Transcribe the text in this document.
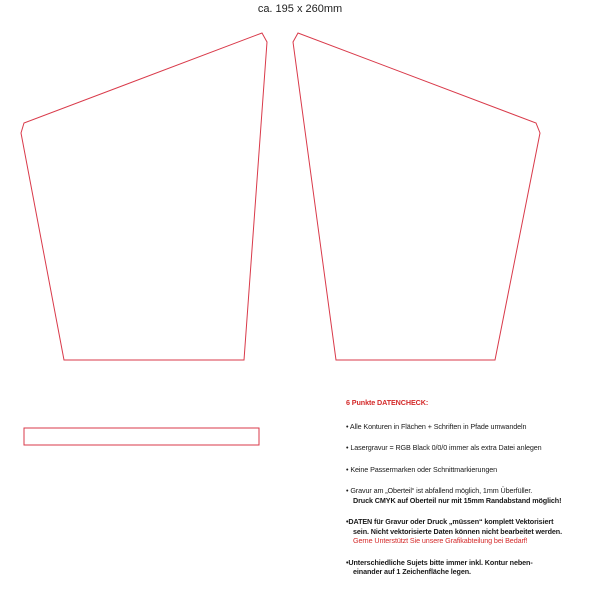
ca. 195 x 260mm
6 Punkte DATENCHECK:
• Alle Konturen in Flächen + Schriften in Pfade umwandeln
• Lasergravur = RGB Black 0/0/0 immer als extra Datei anlegen
• Keine Passermarken oder Schnittmarkierungen
• Gravur am „Oberteil“ ist abfallend möglich, 1mm Überfüller.
Druck CMYK auf Oberteil nur mit 15mm Randabstand möglich!
•DATEN für Gravur oder Druck „müssen“ komplett Vektorisiert
sein. Nicht vektorisierte Daten können nicht bearbeitet werden.
Gerne Unterstützt Sie unsere Grafikabteilung bei Bedarf!
•Unterschiedliche Sujets bitte immer inkl. Kontur neben-
einander auf 1 Zeichenfläche legen.
